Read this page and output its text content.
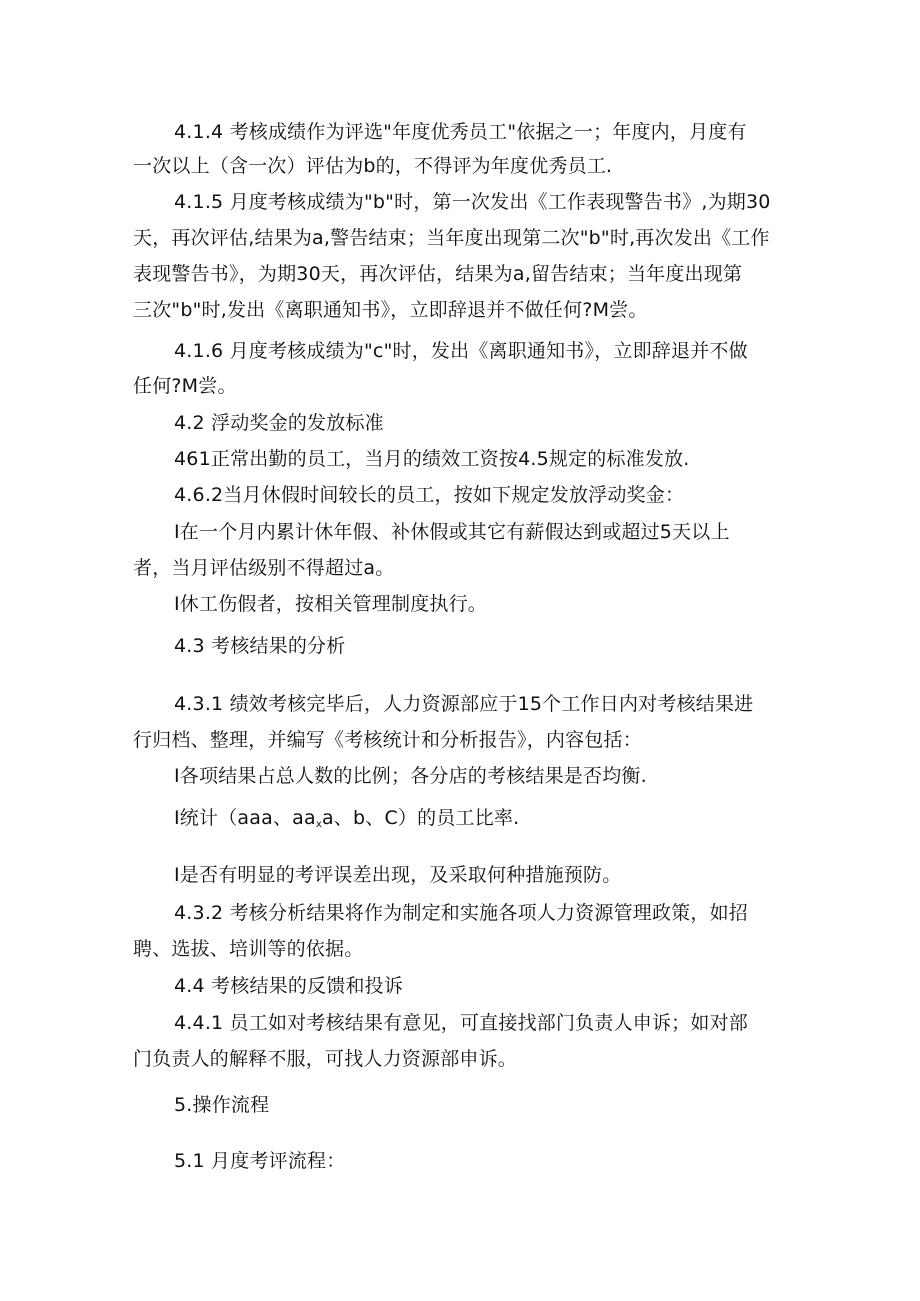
4.1.4 考核成绩作为评选"年度优秀员工"依据之一；年度内，月度有
一次以上（含一次）评估为b的，不得评为年度优秀员工.
4.1.5 月度考核成绩为"b"时，第一次发出《工作表现警告书》,为期30
天，再次评估,结果为a,警告结束；当年度出现第二次"b"时,再次发出《工作
表现警告书》，为期30天，再次评估，结果为a,留告结束；当年度出现第
三次"b"时,发出《离职通知书》，立即辞退并不做任何?M尝。
4.1.6 月度考核成绩为"c"时，发出《离职通知书》，立即辞退并不做
任何?M尝。
4.2 浮动奖金的发放标准
461正常出勤的员工，当月的绩效工资按4.5规定的标准发放.
4.6.2当月休假时间较长的员工，按如下规定发放浮动奖金：
I在一个月内累计休年假、补休假或其它有薪假达到或超过5天以上
者，当月评估级别不得超过a。
I休工伤假者，按相关管理制度执行。
4.3 考核结果的分析
4.3.1 绩效考核完毕后，人力资源部应于15个工作日内对考核结果进
行归档、整理，并编写《考核统计和分析报告》，内容包括：
I各项结果占总人数的比例；各分店的考核结果是否均衡.
I统计（aaa、$aa_xa$、b、C）的员工比率.
I是否有明显的考评误差出现，及采取何种措施预防。
4.3.2 考核分析结果将作为制定和实施各项人力资源管理政策，如招
聘、选拔、培训等的依据。
4.4 考核结果的反馈和投诉
4.4.1 员工如对考核结果有意见，可直接找部门负责人申诉；如对部
门负责人的解释不服，可找人力资源部申诉。
5.操作流程
5.1 月度考评流程：
